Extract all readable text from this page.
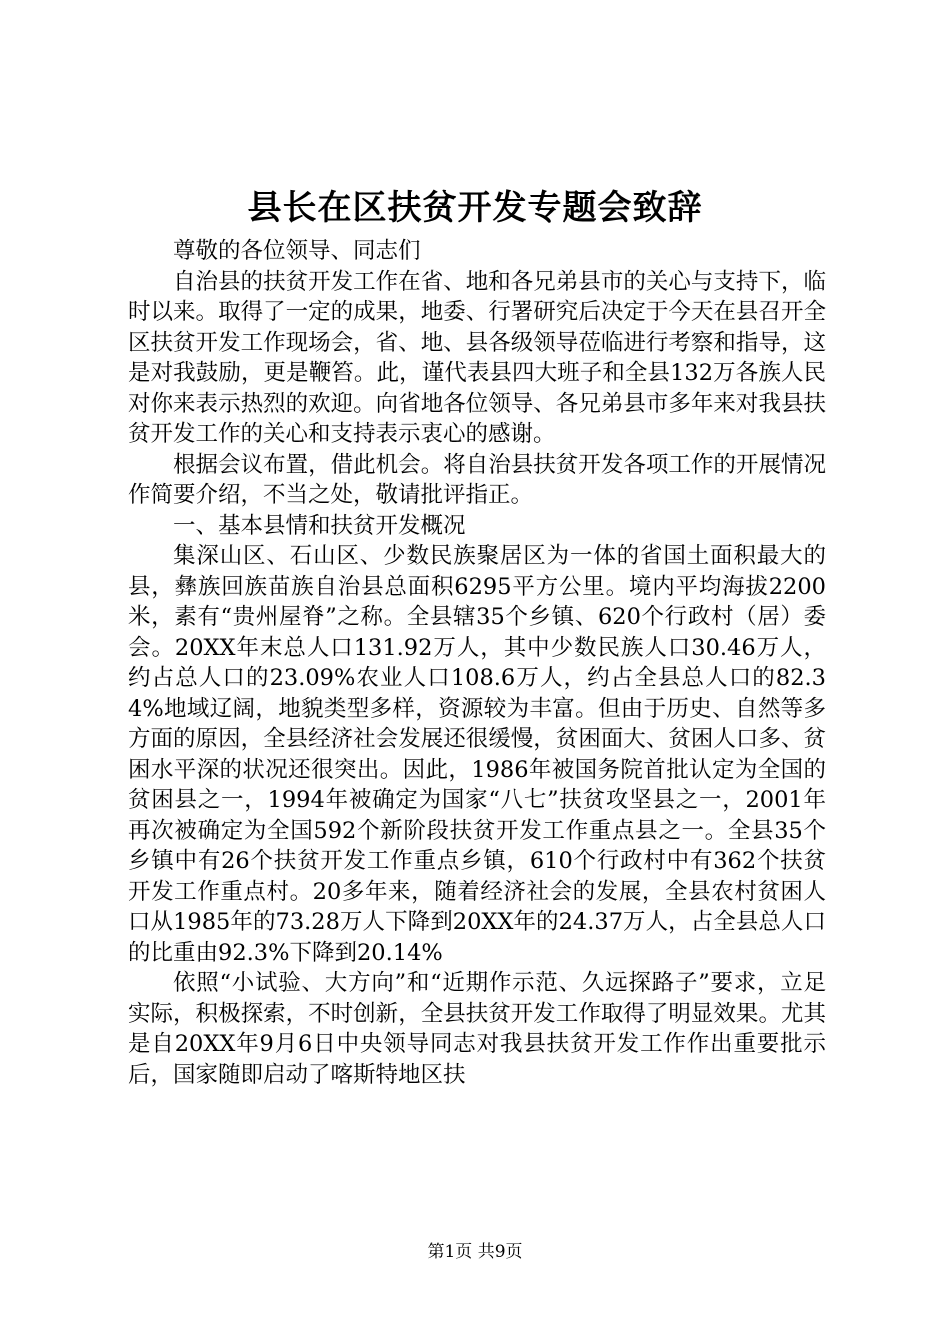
县长在区扶贫开发专题会致辞

尊敬的各位领导、同志们

自治县的扶贫开发工作在省、地和各兄弟县市的关心与支持下，临时以来。取得了一定的成果，地委、行署研究后决定于今天在县召开全区扶贫开发工作现场会，省、地、县各级领导莅临进行考察和指导，这是对我鼓励，更是鞭笞。此，谨代表县四大班子和全县132万各族人民对你来表示热烈的欢迎。向省地各位领导、各兄弟县市多年来对我县扶贫开发工作的关心和支持表示衷心的感谢。

根据会议布置，借此机会。将自治县扶贫开发各项工作的开展情况作简要介绍，不当之处，敬请批评指正。

一、基本县情和扶贫开发概况

集深山区、石山区、少数民族聚居区为一体的省国土面积最大的县，彝族回族苗族自治县总面积6295平方公里。境内平均海拔2200米，素有“贵州屋脊”之称。全县辖35个乡镇、620个行政村（居）委会。20XX年末总人口131.92万人，其中少数民族人口30.46万人，约占总人口的23.09%农业人口108.6万人，约占全县总人口的82.34%地域辽阔，地貌类型多样，资源较为丰富。但由于历史、自然等多方面的原因，全县经济社会发展还很缓慢，贫困面大、贫困人口多、贫困水平深的状况还很突出。因此，1986年被国务院首批认定为全国的贫困县之一，1994年被确定为国家“八七”扶贫攻坚县之一，2001年再次被确定为全国592个新阶段扶贫开发工作重点县之一。全县35个乡镇中有26个扶贫开发工作重点乡镇，610个行政村中有362个扶贫开发工作重点村。20多年来，随着经济社会的发展，全县农村贫困人口从1985年的73.28万人下降到20XX年的24.37万人，占全县总人口的比重由92.3%下降到20.14%

依照“小试验、大方向”和“近期作示范、久远探路子”要求，立足实际，积极探索，不时创新，全县扶贫开发工作取得了明显效果。尤其是自20XX年9月6日中央领导同志对我县扶贫开发工作作出重要批示后，国家随即启动了喀斯特地区扶

第1页 共9页
